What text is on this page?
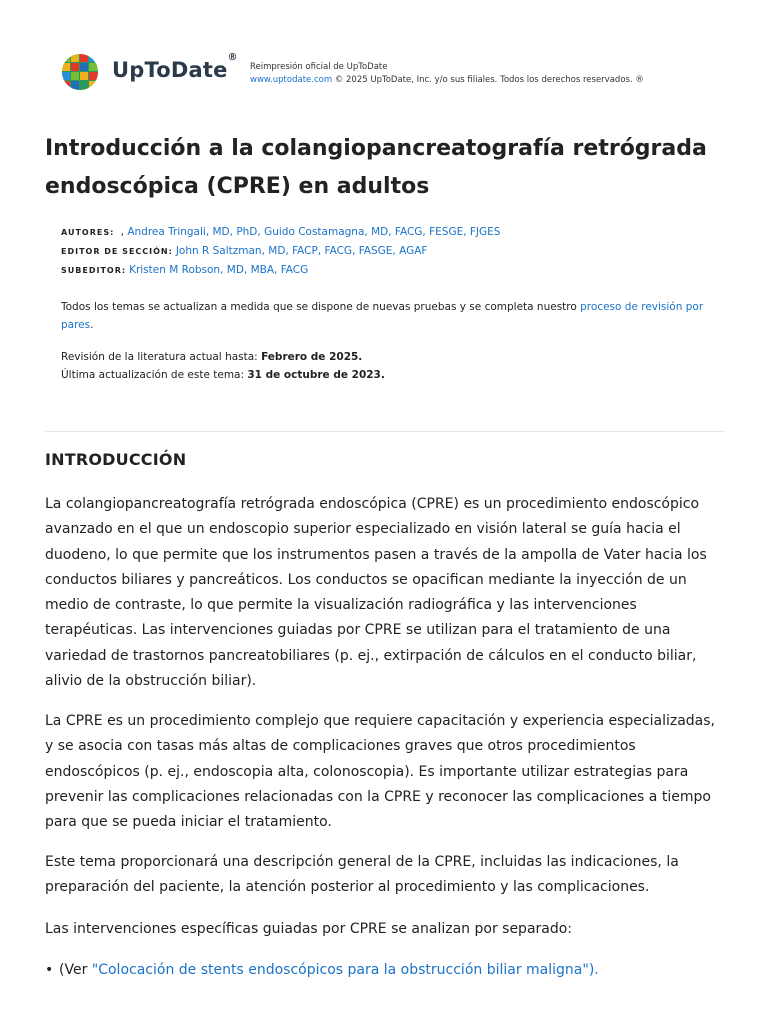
UpToDate®
Reimpresión oficial de UpToDate
www.uptodate.com © 2025 UpToDate, Inc. y/o sus filiales. Todos los derechos reservados. ®
Introducción a la colangiopancreatografía retrógrada
endoscópica (CPRE) en adultos
AUTORES: , Andrea Tringali, MD, PhD, Guido Costamagna, MD, FACG, FESGE, FJGES
EDITOR DE SECCIÓN: John R Saltzman, MD, FACP, FACG, FASGE, AGAF
SUBEDITOR: Kristen M Robson, MD, MBA, FACG

Todos los temas se actualizan a medida que se dispone de nuevas pruebas y se completa nuestro proceso de revisión por pares.

Revisión de la literatura actual hasta: Febrero de 2025.
Última actualización de este tema: 31 de octubre de 2023.
INTRODUCCIÓN

La colangiopancreatografía retrógrada endoscópica (CPRE) es un procedimiento endoscópico avanzado en el que un endoscopio superior especializado en visión lateral se guía hacia el duodeno, lo que permite que los instrumentos pasen a través de la ampolla de Vater hacia los conductos biliares y pancreáticos. Los conductos se opacifican mediante la inyección de un medio de contraste, lo que permite la visualización radiográfica y las intervenciones terapéuticas. Las intervenciones guiadas por CPRE se utilizan para el tratamiento de una variedad de trastornos pancreatobiliares (p. ej., extirpación de cálculos en el conducto biliar, alivio de la obstrucción biliar).

La CPRE es un procedimiento complejo que requiere capacitación y experiencia especializadas, y se asocia con tasas más altas de complicaciones graves que otros procedimientos endoscópicos (p. ej., endoscopia alta, colonoscopia). Es importante utilizar estrategias para prevenir las complicaciones relacionadas con la CPRE y reconocer las complicaciones a tiempo para que se pueda iniciar el tratamiento.

Este tema proporcionará una descripción general de la CPRE, incluidas las indicaciones, la preparación del paciente, la atención posterior al procedimiento y las complicaciones.

Las intervenciones específicas guiadas por CPRE se analizan por separado:

• (Ver "Colocación de stents endoscópicos para la obstrucción biliar maligna").
